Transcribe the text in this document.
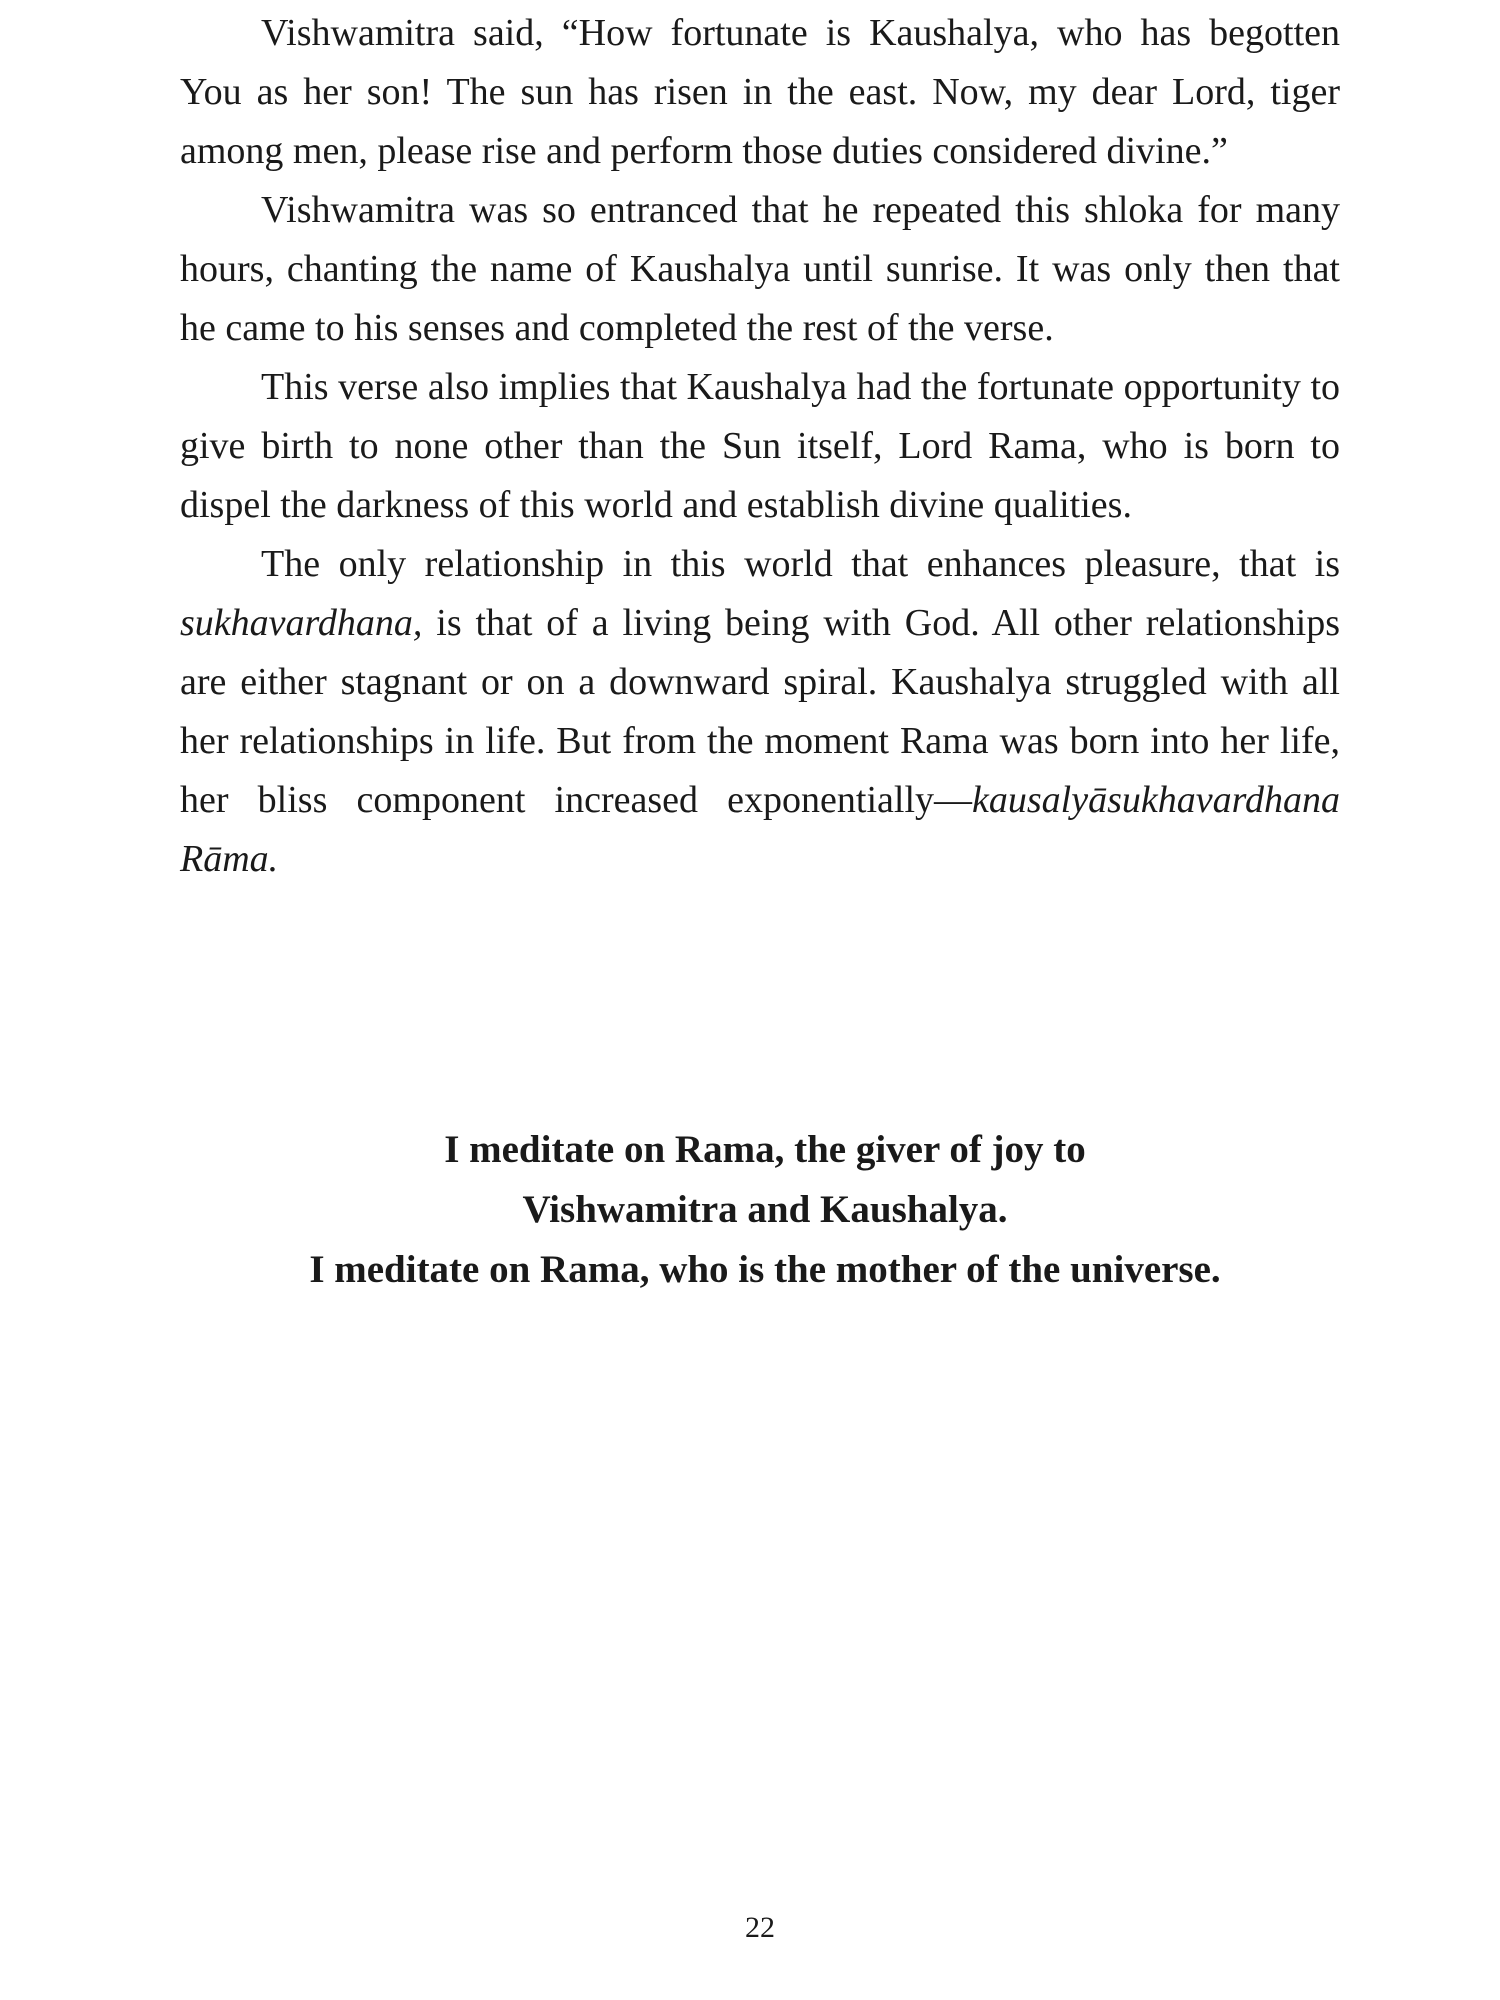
Vishwamitra said, “How fortunate is Kaushalya, who has begotten You as her son! The sun has risen in the east. Now, my dear Lord, tiger among men, please rise and perform those duties considered divine.”

Vishwamitra was so entranced that he repeated this shloka for many hours, chanting the name of Kaushalya until sunrise. It was only then that he came to his senses and completed the rest of the verse.

This verse also implies that Kaushalya had the fortunate opportunity to give birth to none other than the Sun itself, Lord Rama, who is born to dispel the darkness of this world and establish divine qualities.

The only relationship in this world that enhances pleasure, that is sukhavardhana, is that of a living being with God. All other relationships are either stagnant or on a downward spiral. Kaushalya struggled with all her relationships in life. But from the moment Rama was born into her life, her bliss component increased exponentially—kausalyāsukhavardhana Rāma.

I meditate on Rama, the giver of joy to
Vishwamitra and Kaushalya.
I meditate on Rama, who is the mother of the universe.
22
